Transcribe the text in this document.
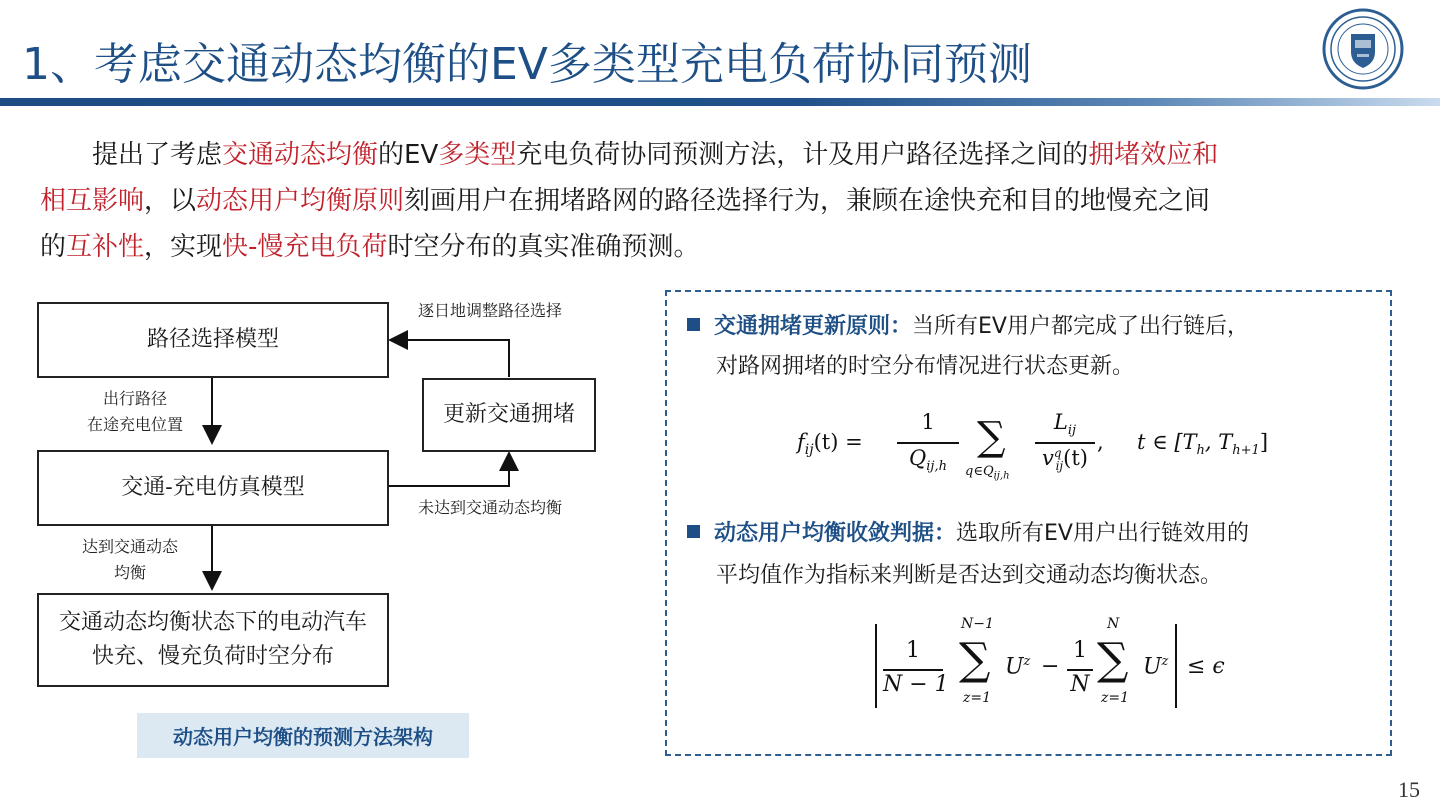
1、考虑交通动态均衡的EV多类型充电负荷协同预测
提出了考虑交通动态均衡的EV多类型充电负荷协同预测方法，计及用户路径选择之间的拥堵效应和
相互影响，以动态用户均衡原则刻画用户在拥堵路网的路径选择行为，兼顾在途快充和目的地慢充之间
的互补性，实现快-慢充电负荷时空分布的真实准确预测。
路径选择模型
更新交通拥堵
交通-充电仿真模型
交通动态均衡状态下的电动汽车
快充、慢充负荷时空分布
逐日地调整路径选择
出行路径
在途充电位置
未达到交通动态均衡
达到交通动态
均衡
动态用户均衡的预测方法架构
交通拥堵更新原则：当所有EV用户都完成了出行链后，
对路网拥堵的时空分布情况进行状态更新。
$f_{ij}(t)$ =
1
$Q_{ij,h}$
∑
$q\in Q_{ij,h}$
$L_{ij}$
$v^q_{ij}(t)$
, t ∈ [$T_h$, $T_{h+1}$]
动态用户均衡收敛判据：选取所有EV用户出行链效用的
平均值作为指标来判断是否达到交通动态均衡状态。
1
N − 1
N−1
∑
z=1
$U^z$ −
1
N
N
∑
z=1
$U^z \le \epsilon$
15
